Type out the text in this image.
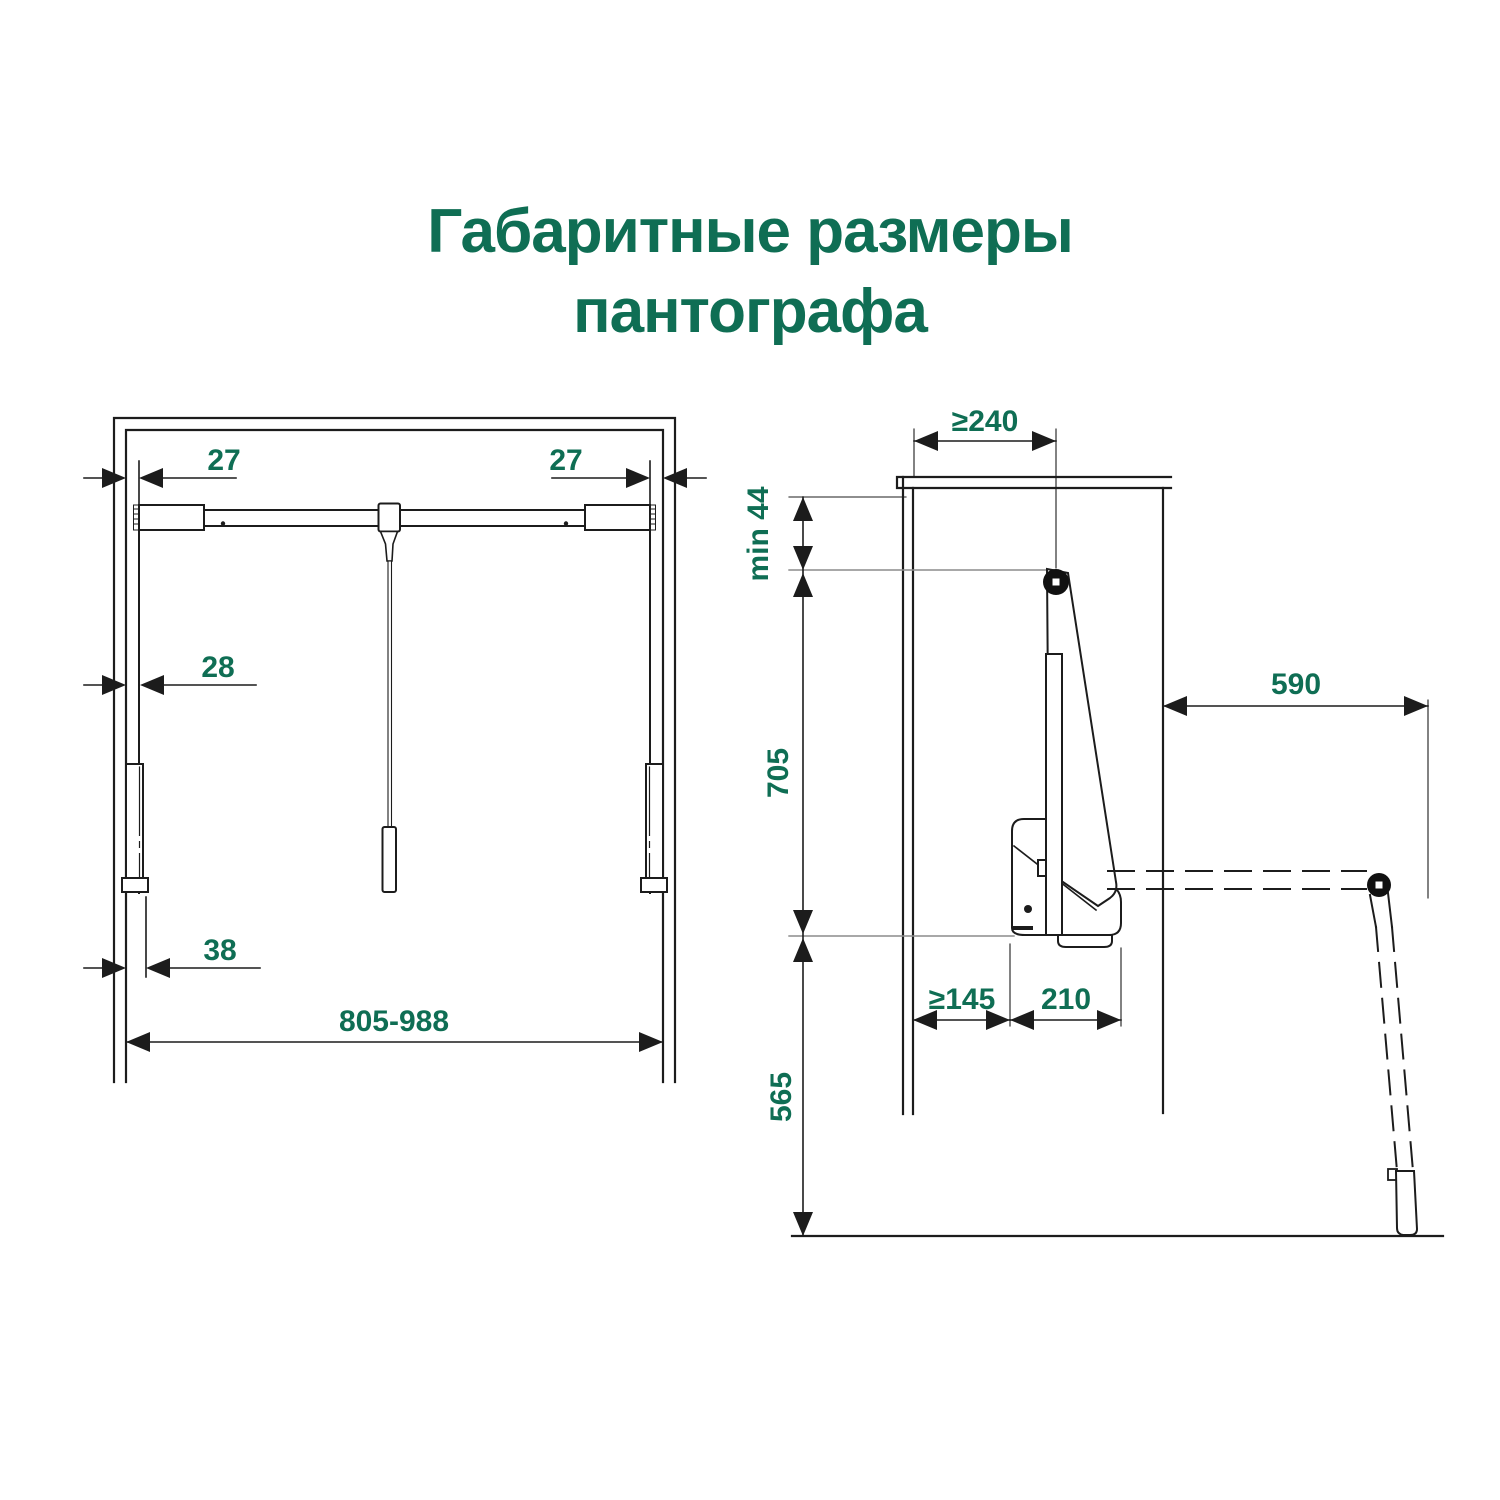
Габаритные размеры
пантографа
27	27
28
38
805-988
≥240
min 44
705
590
≥145 210
565
